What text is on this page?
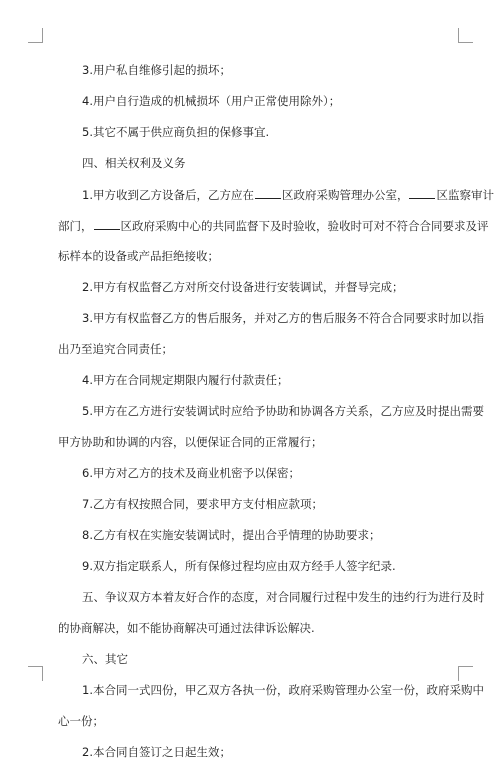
3.用户私自维修引起的损坏；
4.用户自行造成的机械损坏（用户正常使用除外）；
5.其它不属于供应商负担的保修事宜.
四、相关权利及义务
1.甲方收到乙方设备后，乙方应在 区政府采购管理办公室， 区监察审计
部门， 区政府采购中心的共同监督下及时验收，验收时可对不符合合同要求及评
标样本的设备或产品拒绝接收；
2.甲方有权监督乙方对所交付设备进行安装调试，并督导完成；
3.甲方有权监督乙方的售后服务，并对乙方的售后服务不符合合同要求时加以指
出乃至追究合同责任；
4.甲方在合同规定期限内履行付款责任；
5.甲方在乙方进行安装调试时应给予协助和协调各方关系，乙方应及时提出需要
甲方协助和协调的内容，以便保证合同的正常履行；
6.甲方对乙方的技术及商业机密予以保密；
7.乙方有权按照合同，要求甲方支付相应款项；
8.乙方有权在实施安装调试时，提出合乎情理的协助要求；
9.双方指定联系人，所有保修过程均应由双方经手人签字纪录.
五、争议双方本着友好合作的态度，对合同履行过程中发生的违约行为进行及时
的协商解决，如不能协商解决可通过法律诉讼解决.
六、其它
1.本合同一式四份，甲乙双方各执一份，政府采购管理办公室一份，政府采购中
心一份；
2.本合同自签订之日起生效；
